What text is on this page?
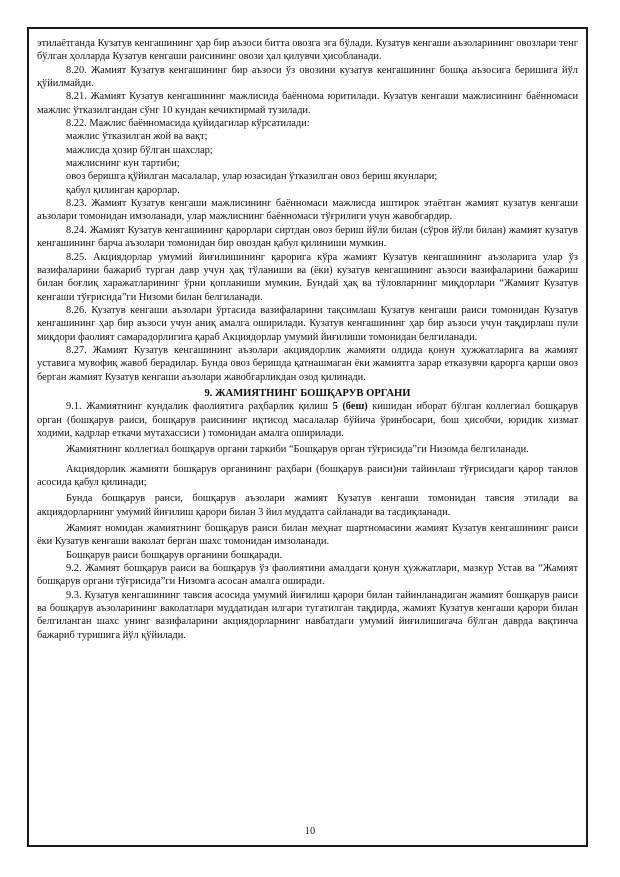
этилаётганда Кузатув кенгашининг ҳар бир аъзоси битта овозга эга бўлади. Кузатув кенгаши аъзоларининг овозлари тенг бўлган ҳолларда Кузатув кенгаши раисининг овози ҳал қилувчи ҳисобланади.

8.20. Жамият Кузатув кенгашининг бир аъзоси ўз овозини кузатув кенгашининг бошқа аъзосига беришига йўл қўйилмайди.

8.21. Жамият Кузатув кенгашининг мажлисида баённома юритилади. Кузатув кенгаши мажлисининг баённомаси мажлис ўтказилгандан сўнг 10 кундан кечиктирмай тузилади.

8.22. Мажлис баённомасида қуйидагилар кўрсатилади:

мажлис ўтказилган жой ва вақт;

мажлисда ҳозир бўлган шахслар;

мажлиснинг кун тартиби;

овоз беришга қўйилган масалалар, улар юзасидан ўтказилган овоз бериш якунлари;

қабул қилинган қарорлар.

8.23. Жамият Кузатув кенгаши мажлисининг баённомаси мажлисда иштирок этаётган жамият кузатув кенгаши аъзолари томонидан имзоланади, улар мажлиснинг баённомаси тўғрилиги учун жавобгардир.

8.24. Жамият Кузатув кенгашининг қарорлари сиртдан овоз бериш йўли билан (сўров йўли билан) жамият кузатув кенгашининг барча аъзолари томонидан бир овоздан қабул қилиниши мумкин.

8.25. Акциядорлар умумий йиғилишининг қарорига кўра жамият Кузатув кенгашининг аъзоларига улар ўз вазифаларини бажариб турган давр учун ҳақ тўланиши ва (ёки) кузатув кенгашининг аъзоси вазифаларини бажариш билан боғлиқ харажатларининг ўрни қопланиши мумкин. Бундай ҳақ ва тўловларнинг миқдорлари “Жамият Кузатув кенгаши тўғрисида”ги Низоми билан белгиланади.

8.26. Кузатув кенгаши аъзолари ўртасида вазифаларини тақсимлаш Кузатув кенгаши раиси томонидан Кузатув кенгашининг ҳар бир аъзоси учун аниқ амалга оширилади. Кузатув кенгашининг ҳар бир аъзоси учун тақдирлаш пули миқдори фаолият самарадорлигига қараб Акциядорлар умумий йиғилиши томонидан белгиланади.

8.27. Жамият Кузатув кенгашининг аъзолари акциядорлик жамияти олдида қонун ҳужжатларига ва жамият уставига мувофиқ жавоб берадилар. Бунда овоз беришда қатнашмаган ёки жамиятга зарар етказувчи қарорга қарши овоз берган жамият Кузатув кенгаши аъзолари жавобгарликдан озод қилинади.

9. ЖАМИЯТНИНГ БОШҚАРУВ ОРГАНИ

9.1. Жамиятнинг кундалик фаолиятига раҳбарлик қилиш 5 (беш) кишидан иборат бўлган коллегиал бошқарув орган (бошқарув раиси, бошқарув раисининг иқтисод масалалар бўйича ўринбосари, бош ҳисобчи, юридик хизмат ходими, кадрлар еткачи мутахассиси ) томонидан амалга оширилади.

Жамиятнинг коллегиал бошқарув органи таркиби “Бошқарув орган тўғрисида”ги Низомда белгиланади.

Акциядорлик жамияти бошқарув органининг раҳбари (бошқарув раиси)ни тайинлаш тўғрисидаги қарор танлов асосида қабул қилинади;

Бунда бошқарув раиси, бошқарув аъзолари жамият Кузатув кенгаши томонидан тавсия этилади ва акциядорларнинг умумий йиғилиш қарори билан 3 йил муддатга сайланади ва тасдиқланади.

Жамият номидан жамиятнинг бошқарув раиси билан меҳнат шартномасини жамият Кузатув кенгашининг раиси ёки Кузатув кенгаши ваколат берган шахс томонидан имзоланади.

Бошқарув раиси бошқарув органини бошқаради.

9.2. Жамият бошқарув раиси ва бошқарув ўз фаолиятини амалдаги қонун ҳужжатлари, мазкур Устав ва “Жамият бошқарув органи тўғрисида”ги Низомга асосан амалга оширади.

9.3. Кузатув кенгашининг тавсия асосида умумий йиғилиш қарори билан тайинланадиган жамият бошқарув раиси ва бошқарув аъзоларининг ваколатлари муддатидан илгари тугатилган тақдирда, жамият Кузатув кенгаши қарори билан белгиланган шахс унинг вазифаларини акциядорларнинг навбатдаги умумий йиғилишигача бўлган даврда вақтинча бажариб туришига йўл қўйилади.

10
